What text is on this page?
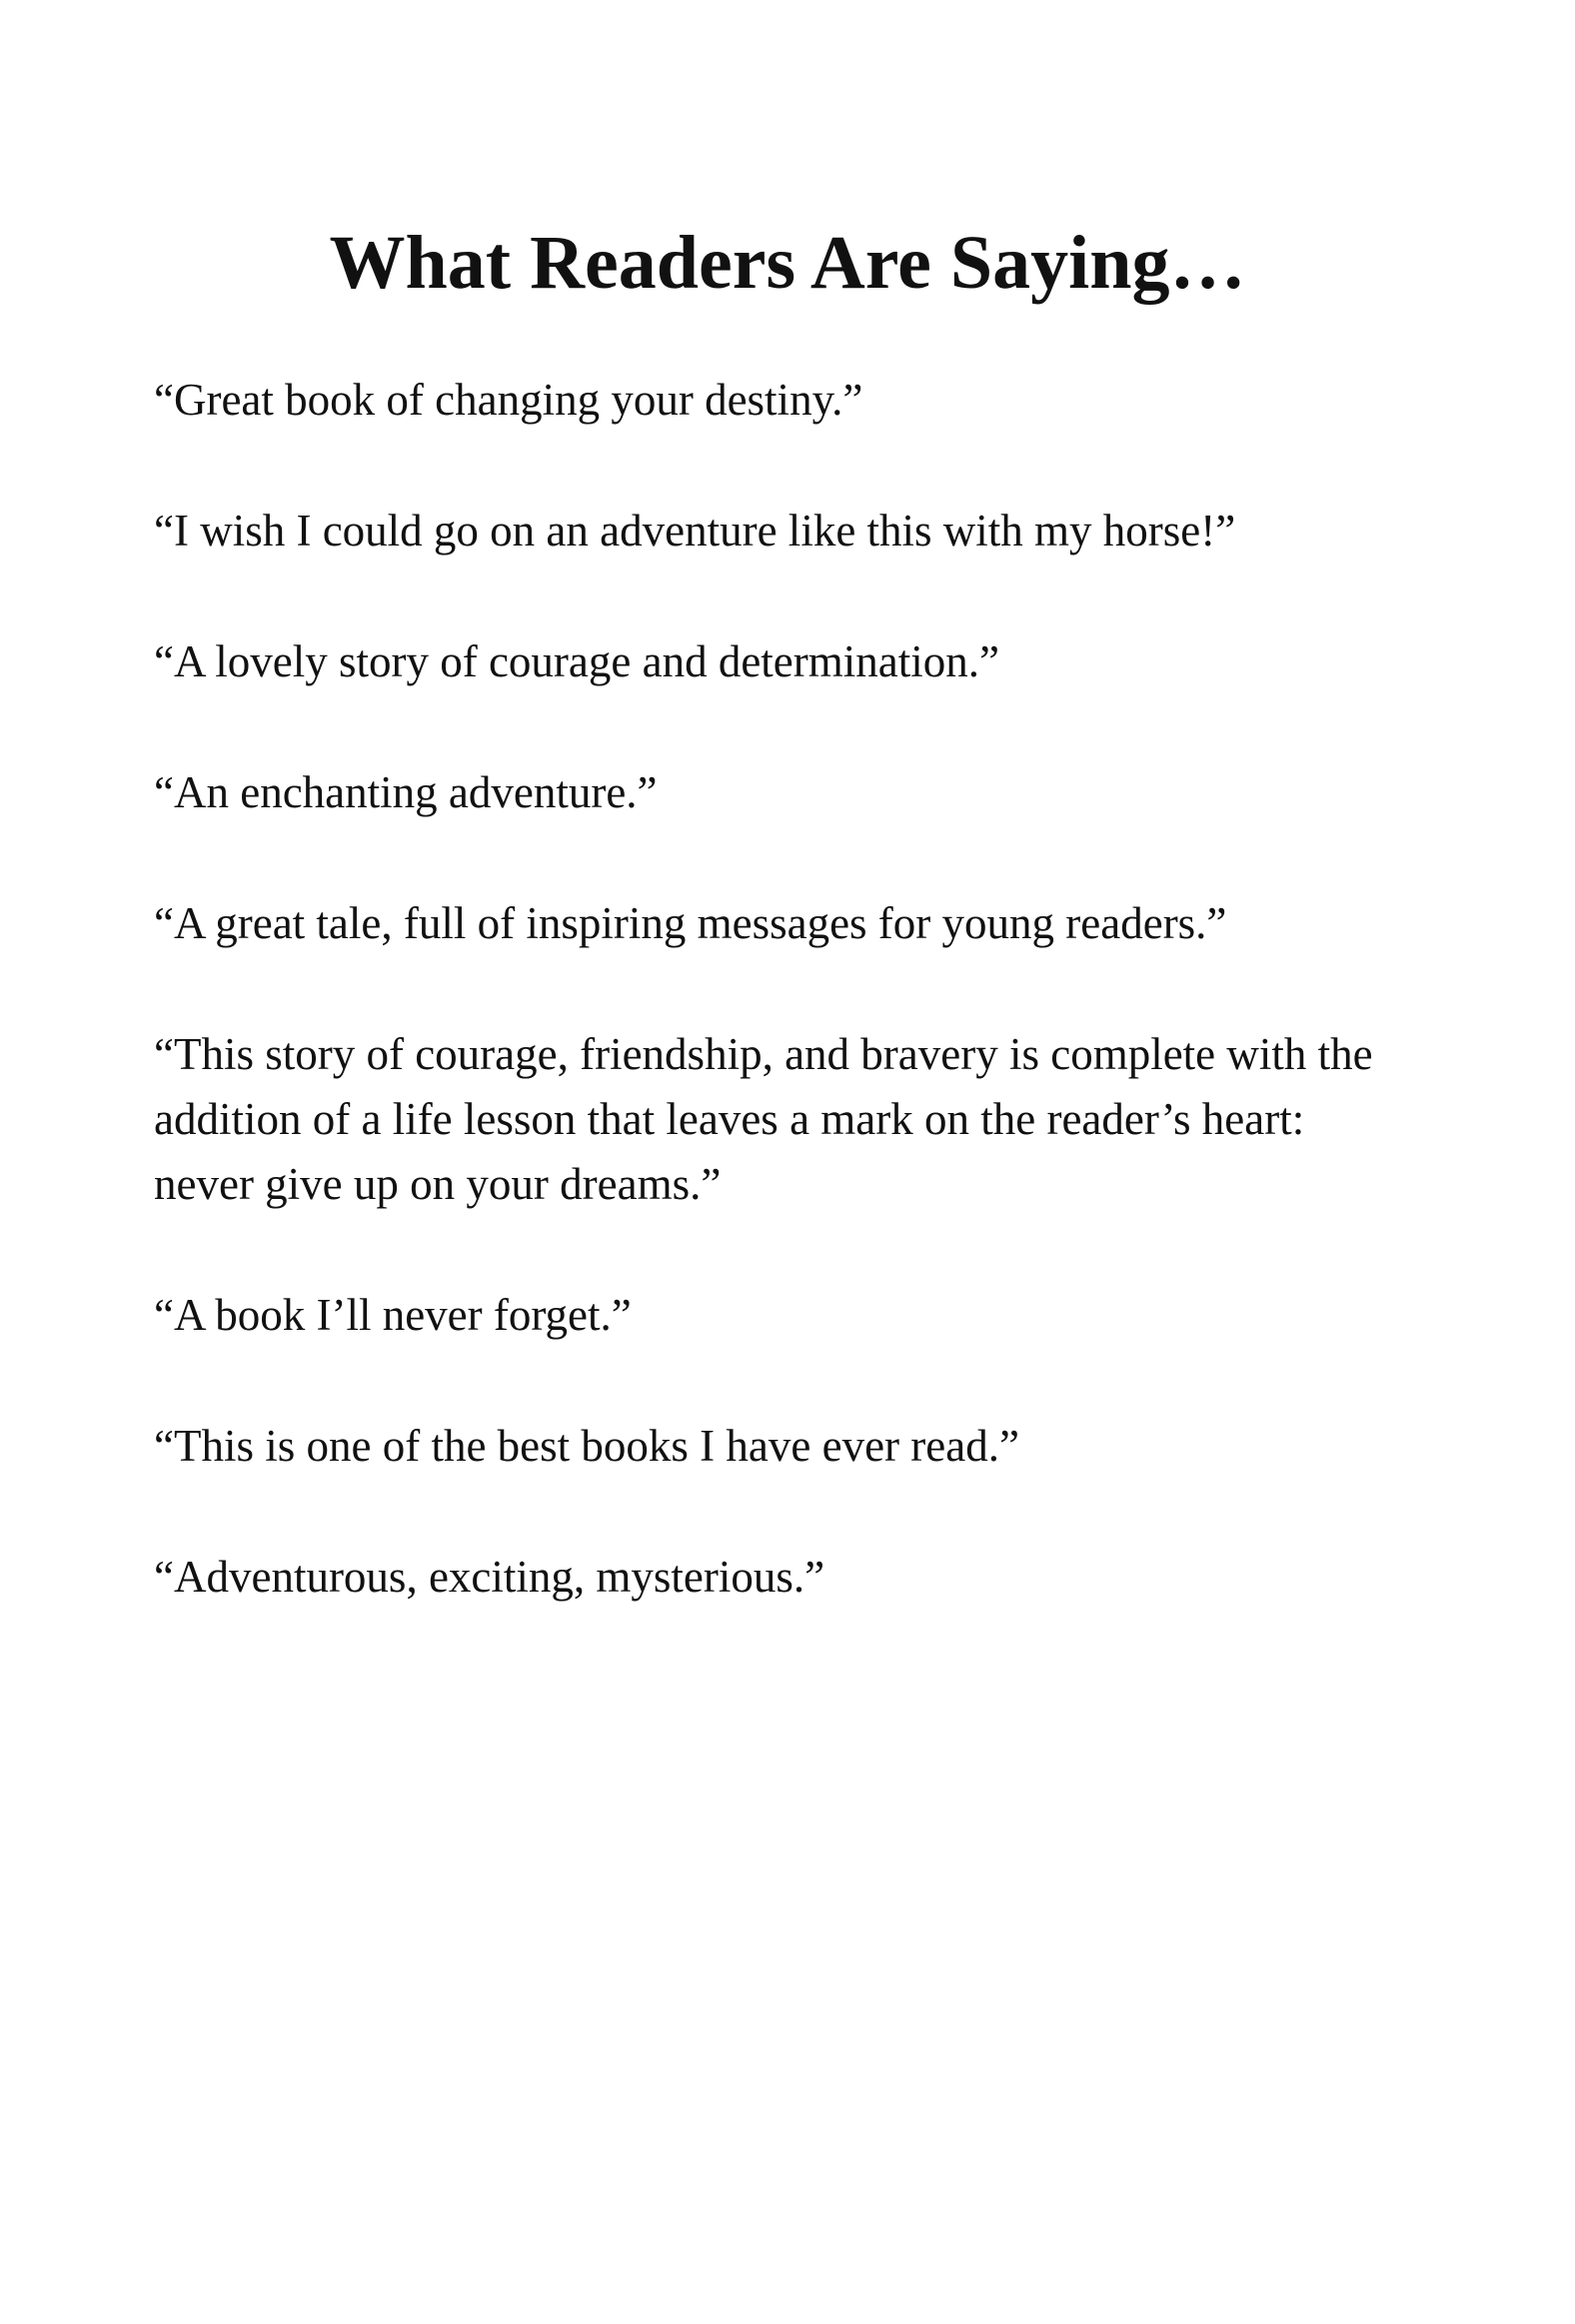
What Readers Are Saying…
“Great book of changing your destiny.”
“I wish I could go on an adventure like this with my horse!”
“A lovely story of courage and determination.”
“An enchanting adventure.”
“A great tale, full of inspiring messages for young readers.”
“This story of courage, friendship, and bravery is complete with the addition of a life lesson that leaves a mark on the reader’s heart: never give up on your dreams.”
“A book I’ll never forget.”
“This is one of the best books I have ever read.”
“Adventurous, exciting, mysterious.”
